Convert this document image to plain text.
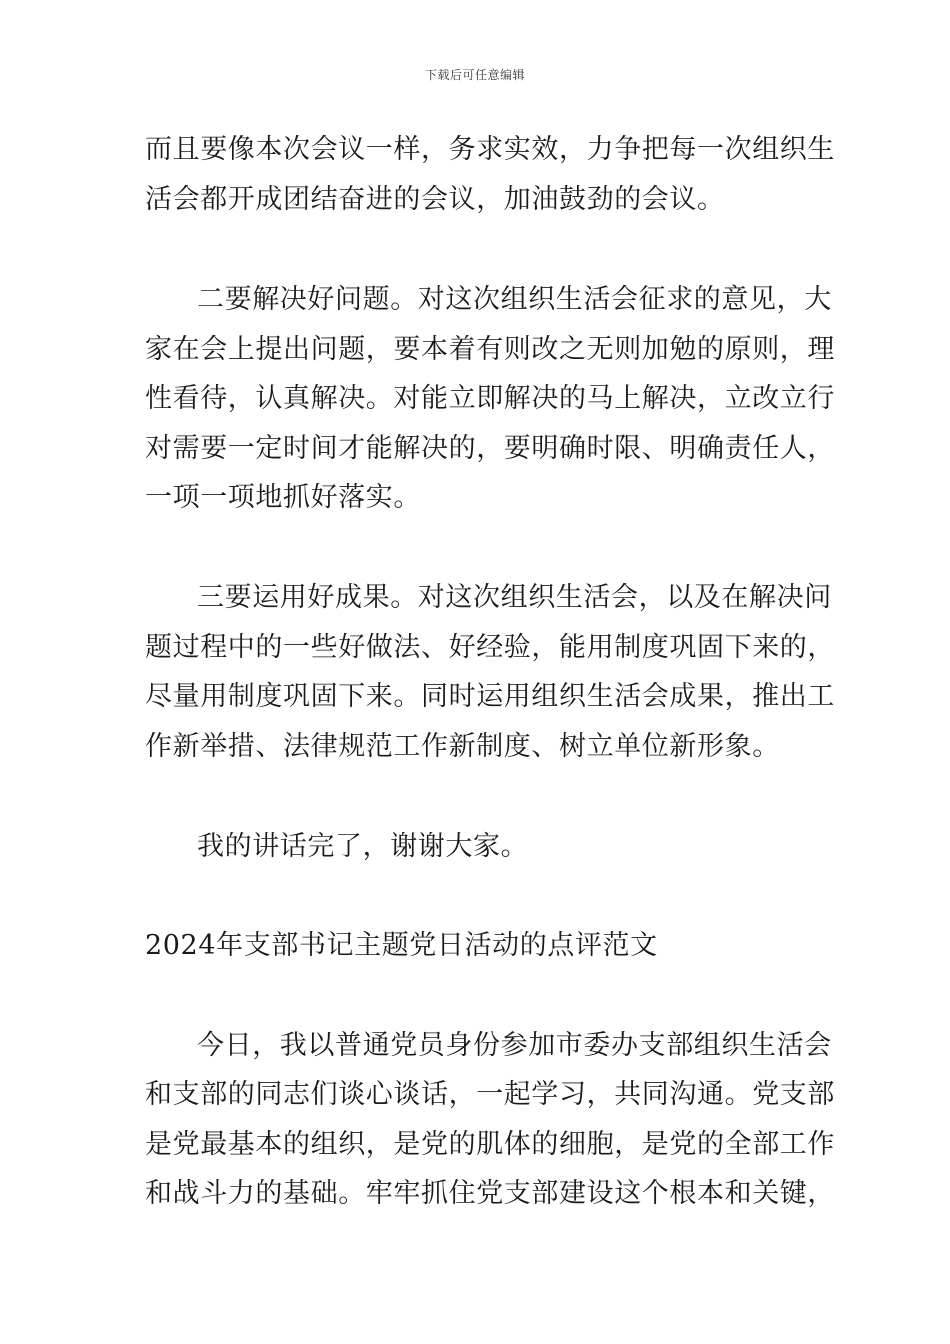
下载后可任意编辑
而且要像本次会议一样，务求实效，力争把每一次组织生
活会都开成团结奋进的会议，加油鼓劲的会议。
二要解决好问题。对这次组织生活会征求的意见，大
家在会上提出问题，要本着有则改之无则加勉的原则，理
性看待，认真解决。对能立即解决的马上解决，立改立行
对需要一定时间才能解决的，要明确时限、明确责任人，
一项一项地抓好落实。
三要运用好成果。对这次组织生活会，以及在解决问
题过程中的一些好做法、好经验，能用制度巩固下来的，
尽量用制度巩固下来。同时运用组织生活会成果，推出工
作新举措、法律规范工作新制度、树立单位新形象。
我的讲话完了，谢谢大家。
2024年支部书记主题党日活动的点评范文
今日，我以普通党员身份参加市委办支部组织生活会
和支部的同志们谈心谈话，一起学习，共同沟通。党支部
是党最基本的组织，是党的肌体的细胞，是党的全部工作
和战斗力的基础。牢牢抓住党支部建设这个根本和关键，
